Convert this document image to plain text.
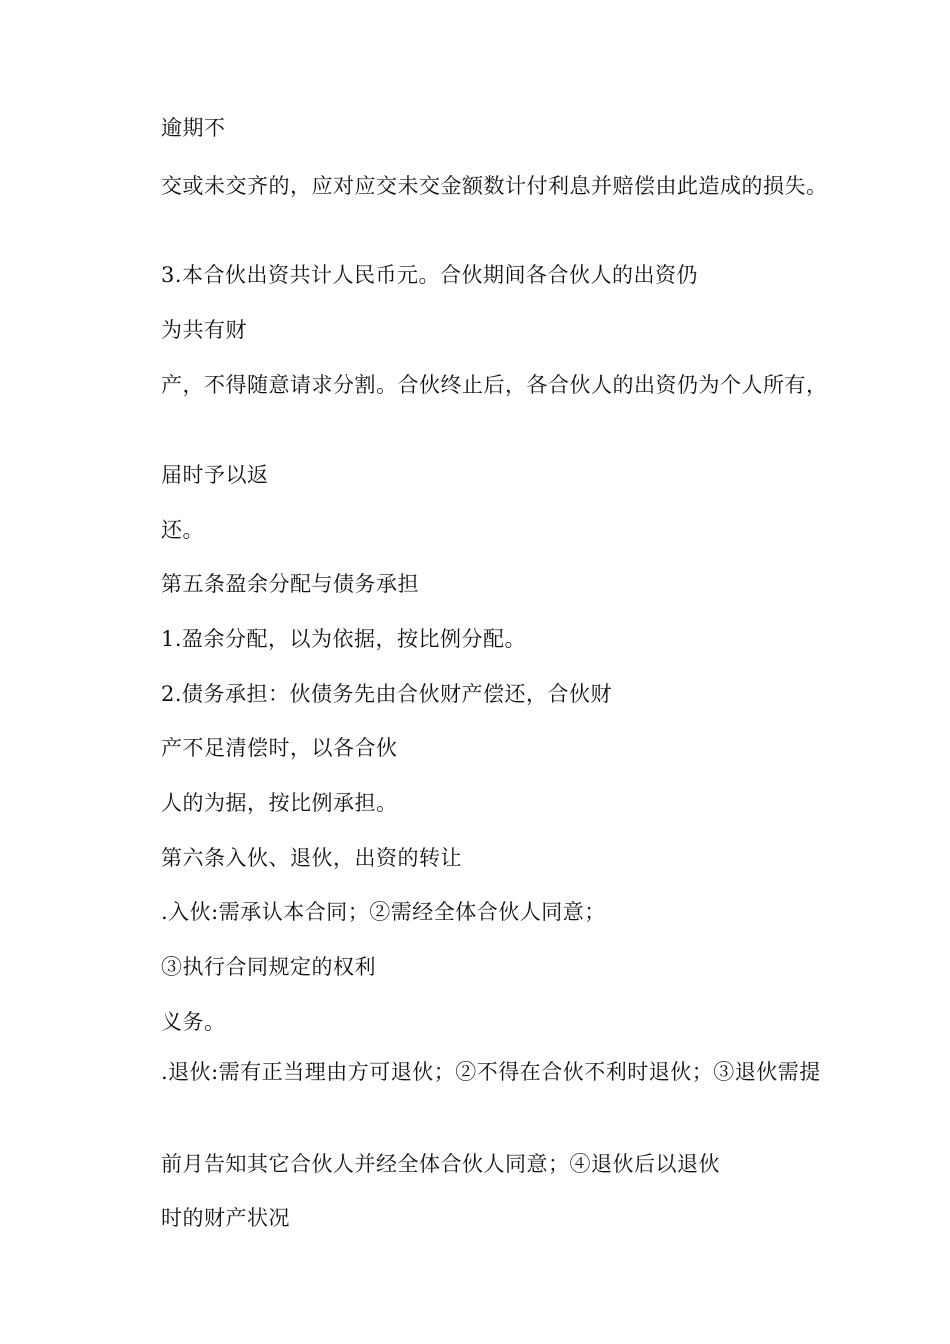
逾期不

交或未交齐的，应对应交未交金额数计付利息并赔偿由此造成的损失。

3.本合伙出资共计人民币元。合伙期间各合伙人的出资仍

为共有财

产，不得随意请求分割。合伙终止后，各合伙人的出资仍为个人所有，

届时予以返

还。

第五条盈余分配与债务承担

1.盈余分配，以为依据，按比例分配。

2.债务承担：伙债务先由合伙财产偿还，合伙财

产不足清偿时，以各合伙

人的为据，按比例承担。

第六条入伙、退伙，出资的转让

.入伙:需承认本合同；②需经全体合伙人同意；

③执行合同规定的权利

义务。

.退伙:需有正当理由方可退伙；②不得在合伙不利时退伙；③退伙需提

前月告知其它合伙人并经全体合伙人同意；④退伙后以退伙

时的财产状况
